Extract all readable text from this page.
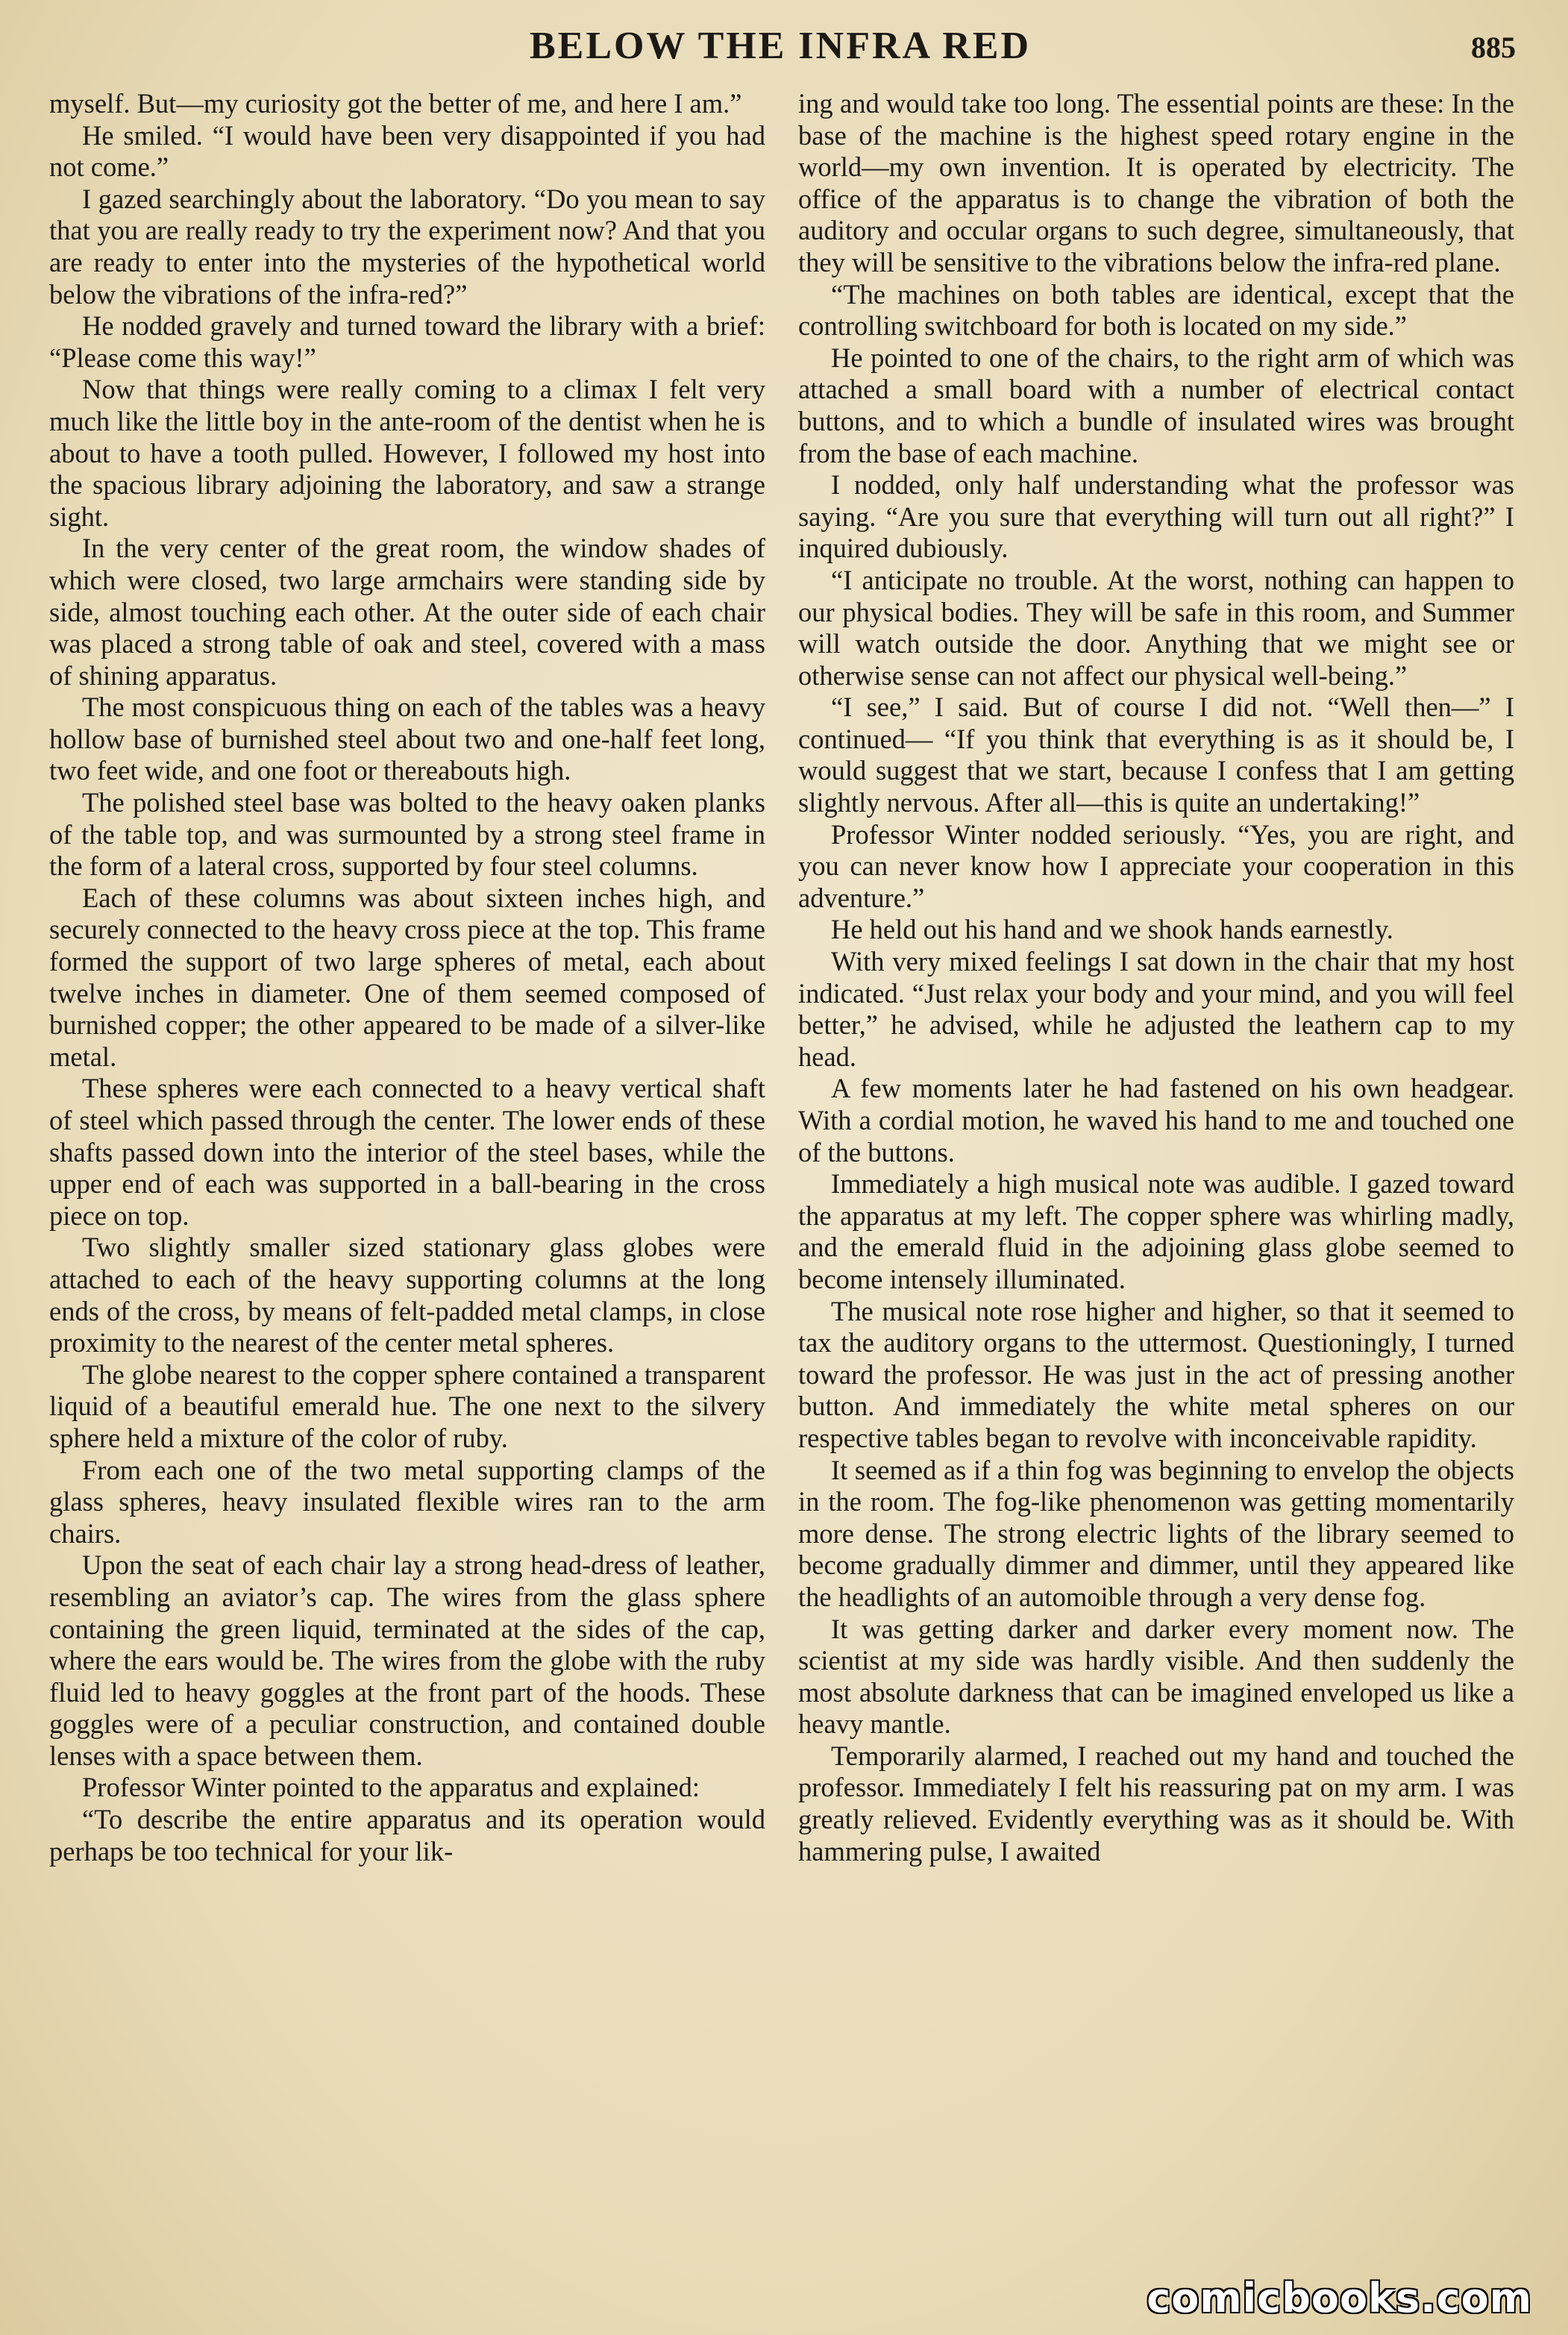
BELOW THE INFRA RED	885

myself. But—my curiosity got the better of me, and here I am.”

He smiled. “I would have been very disappointed if you had not come.”

I gazed searchingly about the laboratory. “Do you mean to say that you are really ready to try the experiment now? And that you are ready to enter into the mysteries of the hypothetical world below the vibrations of the infra-red?”

He nodded gravely and turned toward the library with a brief: “Please come this way!”

Now that things were really coming to a climax I felt very much like the little boy in the ante-room of the dentist when he is about to have a tooth pulled. However, I followed my host into the spacious library adjoining the laboratory, and saw a strange sight.

In the very center of the great room, the window shades of which were closed, two large armchairs were standing side by side, almost touching each other. At the outer side of each chair was placed a strong table of oak and steel, covered with a mass of shining apparatus.

The most conspicuous thing on each of the tables was a heavy hollow base of burnished steel about two and one-half feet long, two feet wide, and one foot or thereabouts high.

The polished steel base was bolted to the heavy oaken planks of the table top, and was surmounted by a strong steel frame in the form of a lateral cross, supported by four steel columns.

Each of these columns was about sixteen inches high, and securely connected to the heavy cross piece at the top. This frame formed the support of two large spheres of metal, each about twelve inches in diameter. One of them seemed composed of burnished copper; the other appeared to be made of a silver-like metal.

These spheres were each connected to a heavy vertical shaft of steel which passed through the center. The lower ends of these shafts passed down into the interior of the steel bases, while the upper end of each was supported in a ball-bearing in the cross piece on top.

Two slightly smaller sized stationary glass globes were attached to each of the heavy supporting columns at the long ends of the cross, by means of felt-padded metal clamps, in close proximity to the nearest of the center metal spheres.

The globe nearest to the copper sphere contained a transparent liquid of a beautiful emerald hue. The one next to the silvery sphere held a mixture of the color of ruby.

From each one of the two metal supporting clamps of the glass spheres, heavy insulated flexible wires ran to the arm chairs.

Upon the seat of each chair lay a strong head-dress of leather, resembling an aviator’s cap. The wires from the glass sphere containing the green liquid, terminated at the sides of the cap, where the ears would be. The wires from the globe with the ruby fluid led to heavy goggles at the front part of the hoods. These goggles were of a peculiar construction, and contained double lenses with a space between them.

Professor Winter pointed to the apparatus and explained:

“To describe the entire apparatus and its operation would perhaps be too technical for your lik-

ing and would take too long. The essential points are these: In the base of the machine is the highest speed rotary engine in the world—my own invention. It is operated by electricity. The office of the apparatus is to change the vibration of both the auditory and occular organs to such degree, simultaneously, that they will be sensitive to the vibrations below the infra-red plane.

“The machines on both tables are identical, except that the controlling switchboard for both is located on my side.”

He pointed to one of the chairs, to the right arm of which was attached a small board with a number of electrical contact buttons, and to which a bundle of insulated wires was brought from the base of each machine.

I nodded, only half understanding what the professor was saying. “Are you sure that everything will turn out all right?” I inquired dubiously.

“I anticipate no trouble. At the worst, nothing can happen to our physical bodies. They will be safe in this room, and Summer will watch outside the door. Anything that we might see or otherwise sense can not affect our physical well-being.”

“I see,” I said. But of course I did not. “Well then—” I continued— “If you think that everything is as it should be, I would suggest that we start, because I confess that I am getting slightly nervous. After all—this is quite an undertaking!”

Professor Winter nodded seriously. “Yes, you are right, and you can never know how I appreciate your cooperation in this adventure.”

He held out his hand and we shook hands earnestly.

With very mixed feelings I sat down in the chair that my host indicated. “Just relax your body and your mind, and you will feel better,” he advised, while he adjusted the leathern cap to my head.

A few moments later he had fastened on his own headgear. With a cordial motion, he waved his hand to me and touched one of the buttons.

Immediately a high musical note was audible. I gazed toward the apparatus at my left. The copper sphere was whirling madly, and the emerald fluid in the adjoining glass globe seemed to become intensely illuminated.

The musical note rose higher and higher, so that it seemed to tax the auditory organs to the uttermost. Questioningly, I turned toward the professor. He was just in the act of pressing another button. And immediately the white metal spheres on our respective tables began to revolve with inconceivable rapidity.

It seemed as if a thin fog was beginning to envelop the objects in the room. The fog-like phenomenon was getting momentarily more dense. The strong electric lights of the library seemed to become gradually dimmer and dimmer, until they appeared like the headlights of an automoible through a very dense fog.

It was getting darker and darker every moment now. The scientist at my side was hardly visible. And then suddenly the most absolute darkness that can be imagined enveloped us like a heavy mantle.

Temporarily alarmed, I reached out my hand and touched the professor. Immediately I felt his reassuring pat on my arm. I was greatly relieved. Evidently everything was as it should be. With hammering pulse, I awaited

comicbooks.com
